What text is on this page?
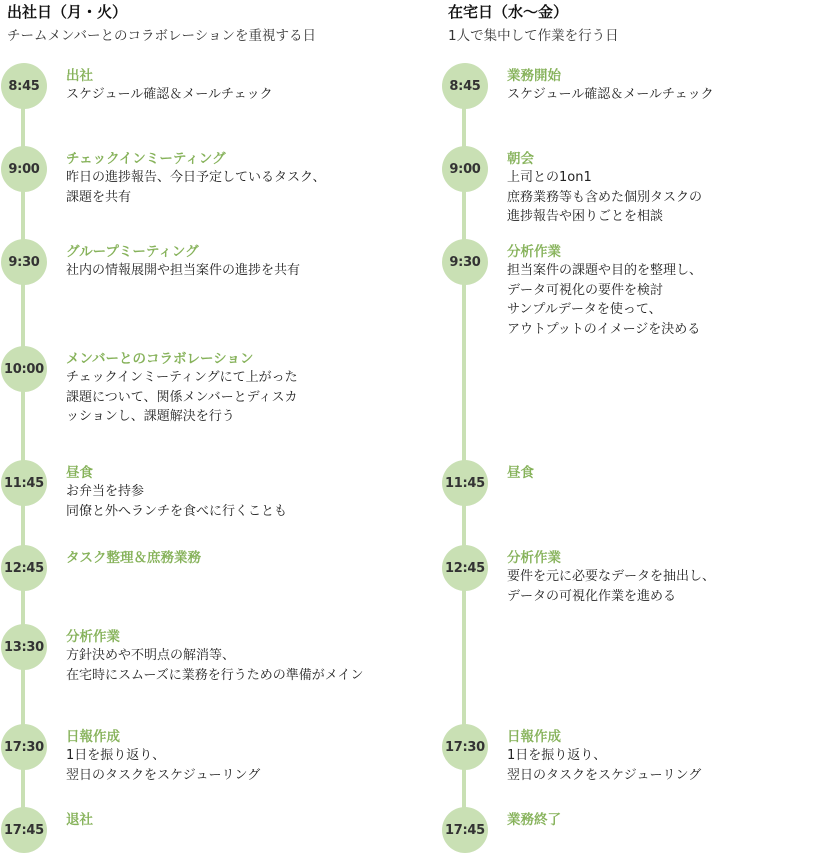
出社日（月・火）
チームメンバーとのコラボレーションを重視する日
8:45
出社
スケジュール確認＆メールチェック
9:00
チェックインミーティング
昨日の進捗報告、今日予定しているタスク、
課題を共有
9:30
グループミーティング
社内の情報展開や担当案件の進捗を共有
10:00
メンバーとのコラボレーション
チェックインミーティングにて上がった
課題について、関係メンバーとディスカ
ッションし、課題解決を行う
11:45
昼食
お弁当を持参
同僚と外へランチを食べに行くことも
12:45
タスク整理＆庶務業務
13:30
分析作業
方針決めや不明点の解消等、
在宅時にスムーズに業務を行うための準備がメイン
17:30
日報作成
1日を振り返り、
翌日のタスクをスケジューリング
17:45
退社
在宅日（水〜金）
1人で集中して作業を行う日
8:45
業務開始
スケジュール確認＆メールチェック
9:00
朝会
上司との1on1
庶務業務等も含めた個別タスクの
進捗報告や困りごとを相談
9:30
分析作業
担当案件の課題や目的を整理し、
データ可視化の要件を検討
サンプルデータを使って、
アウトプットのイメージを決める
11:45
昼食
12:45
分析作業
要件を元に必要なデータを抽出し、
データの可視化作業を進める
17:30
日報作成
1日を振り返り、
翌日のタスクをスケジューリング
17:45
業務終了
